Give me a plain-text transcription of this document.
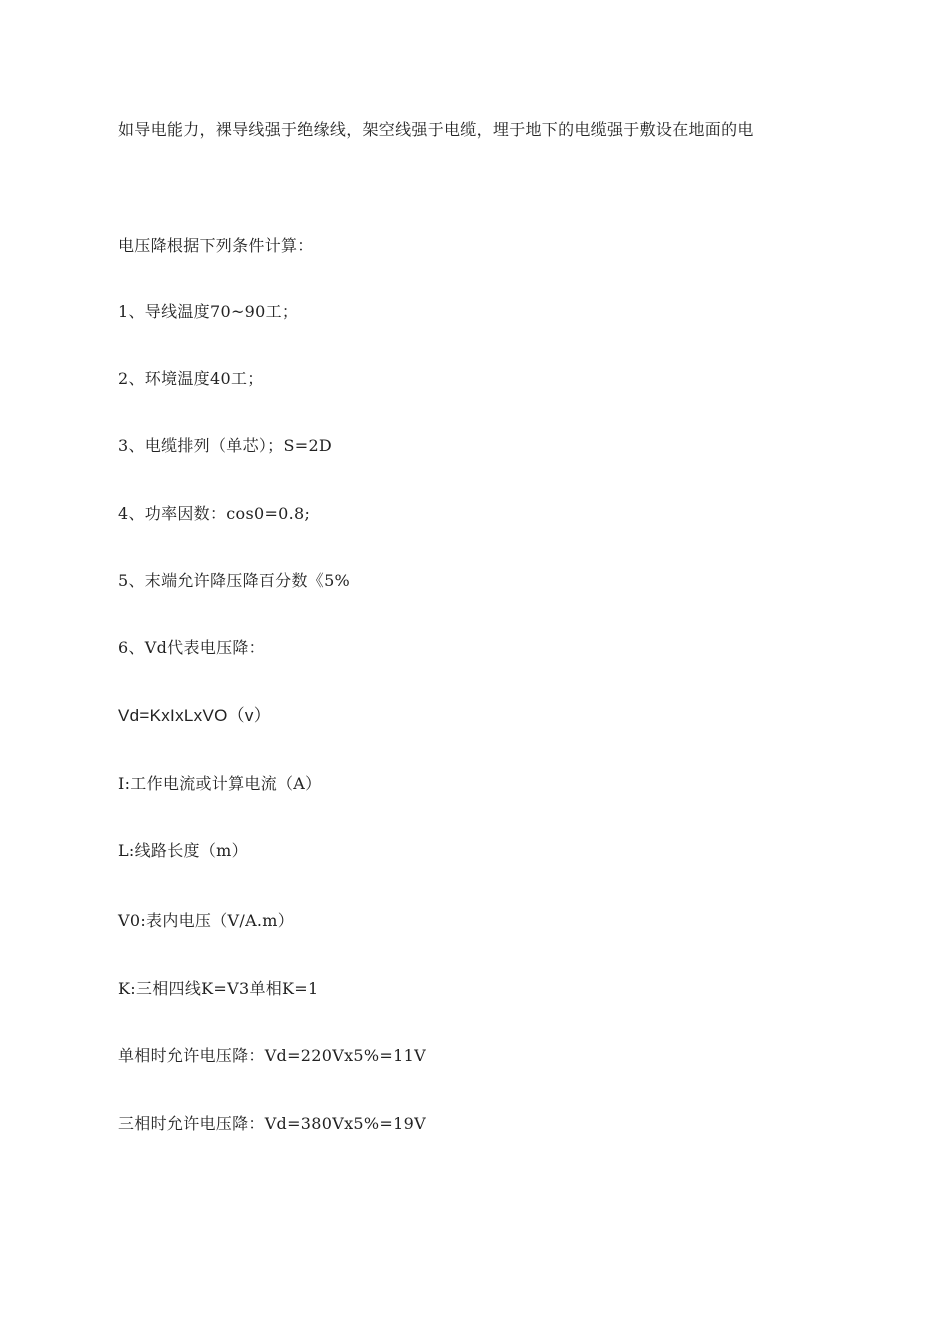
如导电能力，裸导线强于绝缘线，架空线强于电缆，埋于地下的电缆强于敷设在地面的电
电压降根据下列条件计算：
1、导线温度70~90工；
2、环境温度40工；
3、电缆排列（单芯）；S=2D
4、功率因数：cos0=0.8;
5、末端允许降压降百分数《5%
6、Vd代表电压降：
Vd=KxIxLxVO（v）
I:工作电流或计算电流（A）
L:线路长度（m）
V0:表内电压（V/A.m）
K:三相四线K=V3单相K=1
单相时允许电压降：Vd=220Vx5%=11V
三相时允许电压降：Vd=380Vx5%=19V
